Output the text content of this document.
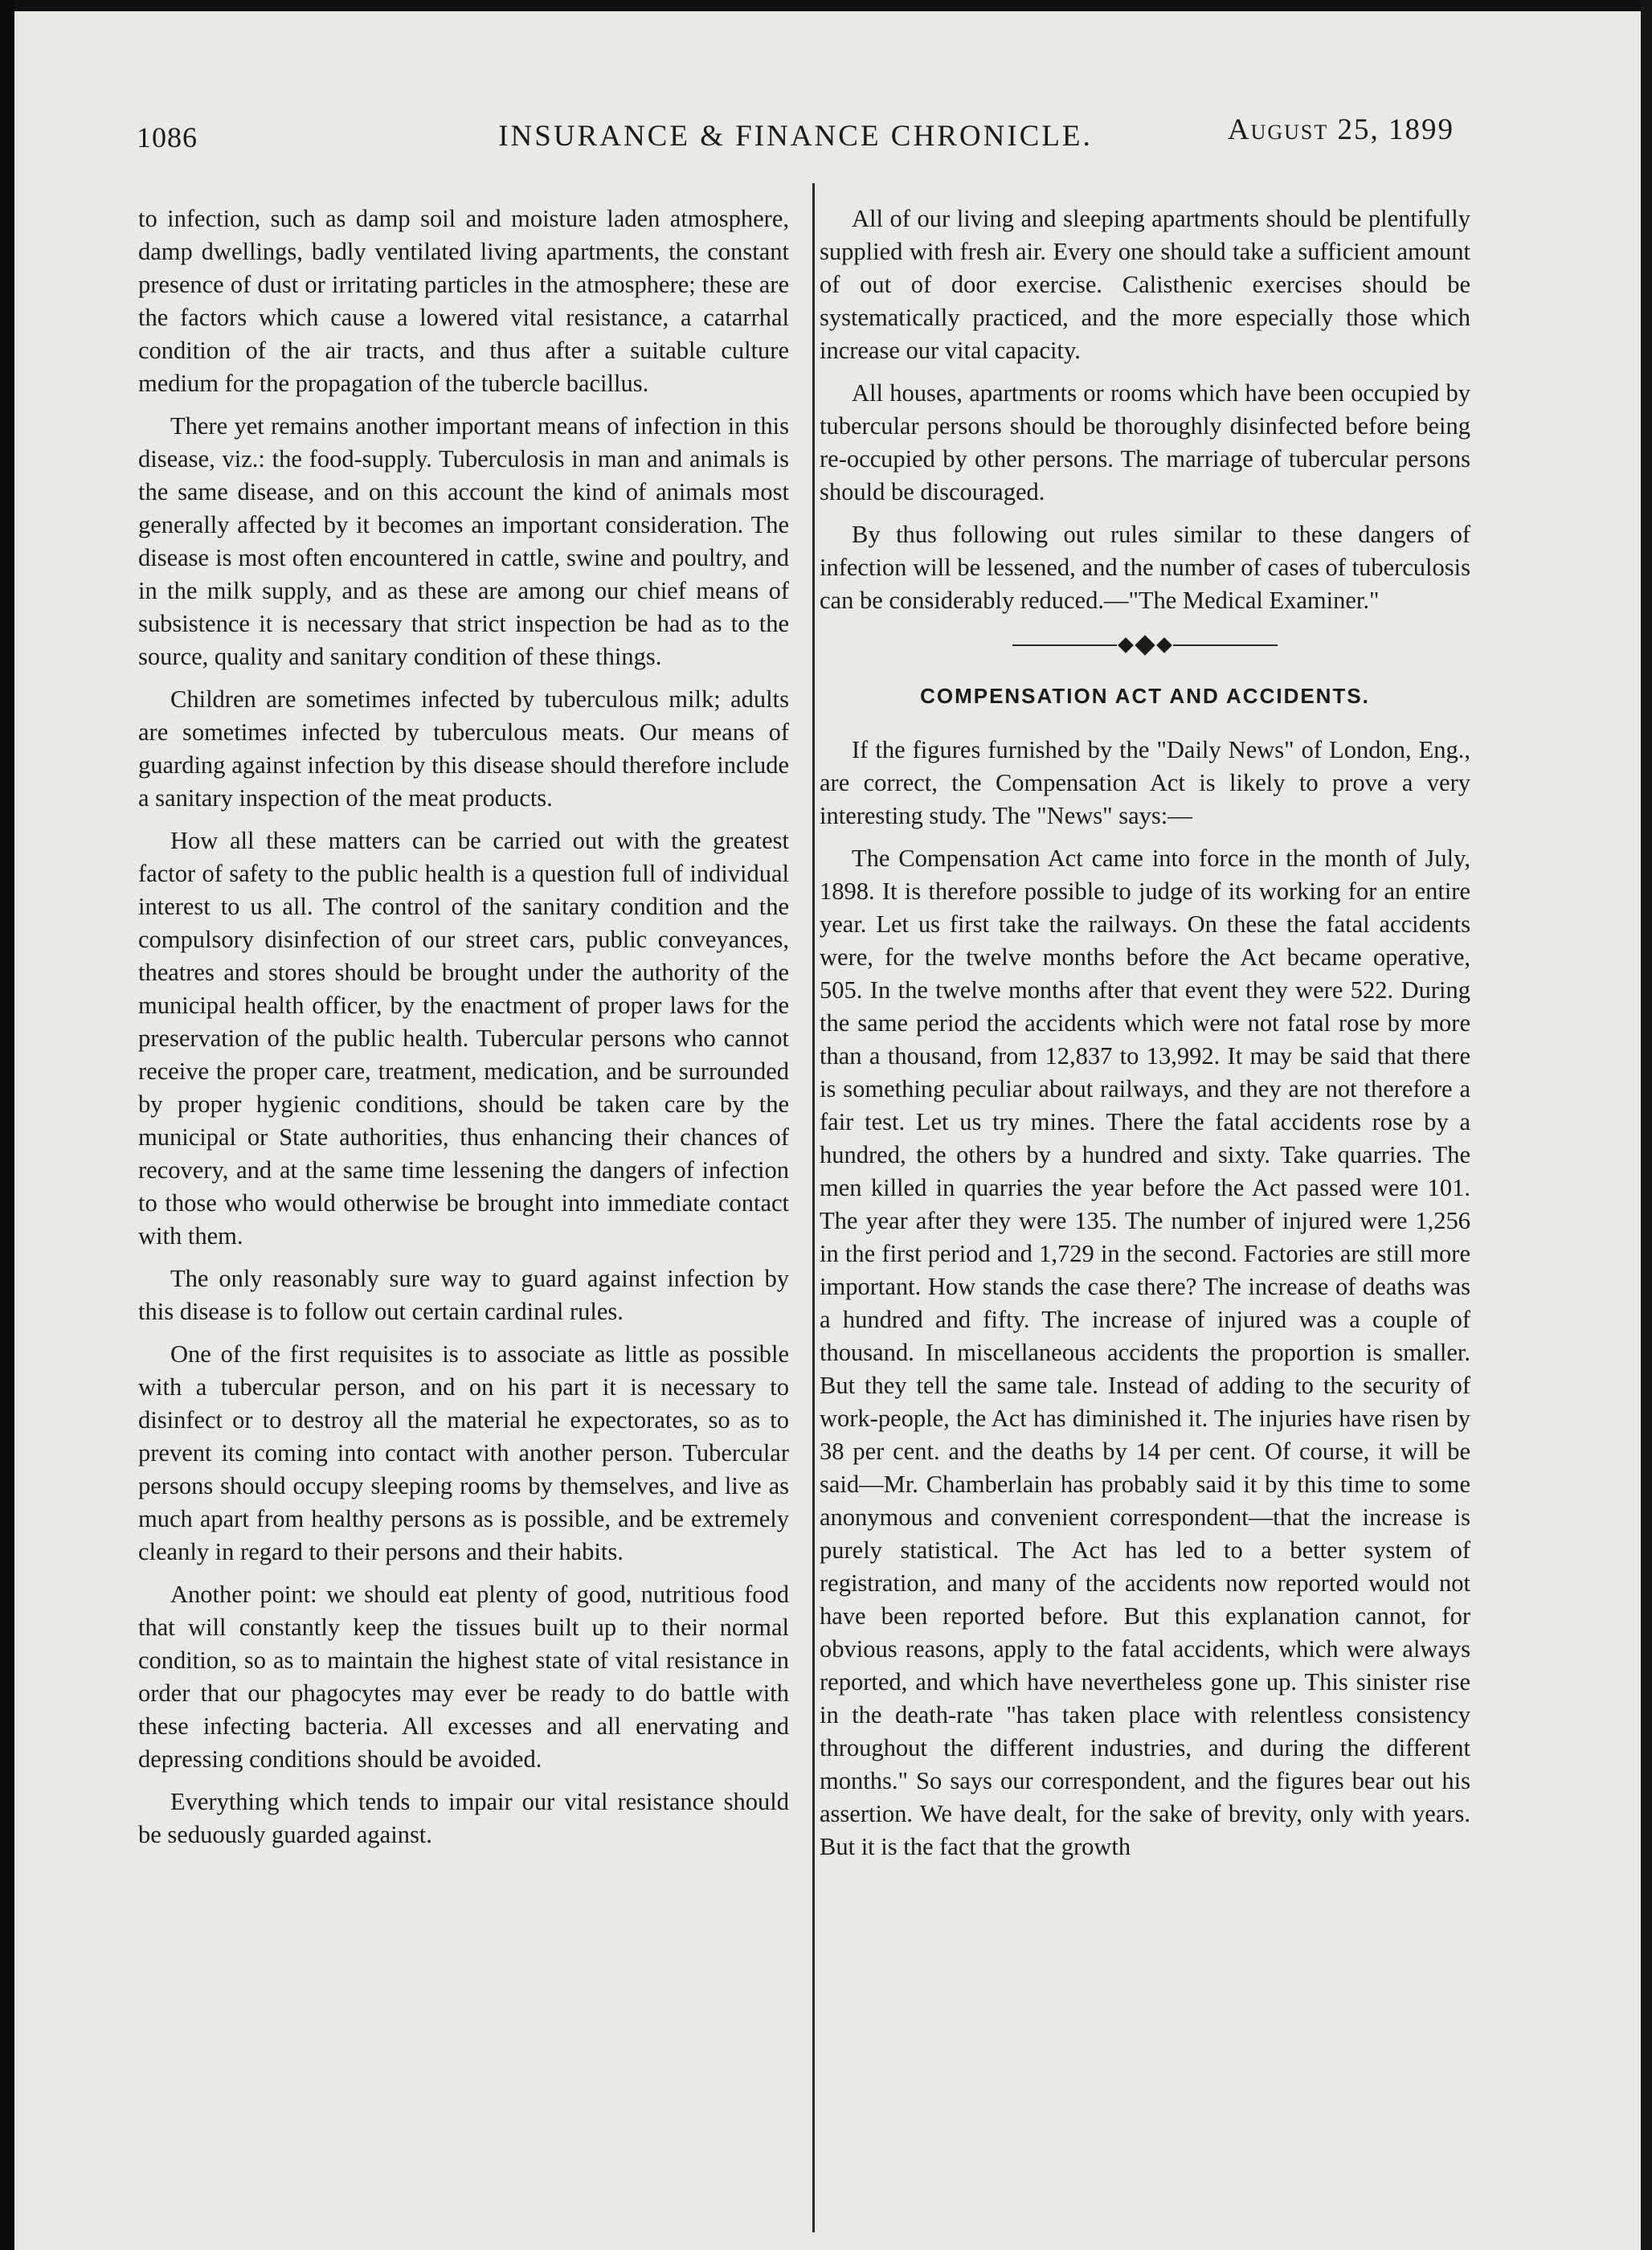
1086	INSURANCE & FINANCE CHRONICLE.	August 25, 1899

to infection, such as damp soil and moisture laden atmosphere, damp dwellings, badly ventilated living apartments, the constant presence of dust or irritating particles in the atmosphere; these are the factors which cause a lowered vital resistance, a catarrhal condition of the air tracts, and thus after a suitable culture medium for the propagation of the tubercle bacillus.

There yet remains another important means of infection in this disease, viz.: the food-supply. Tuberculosis in man and animals is the same disease, and on this account the kind of animals most generally affected by it becomes an important consideration. The disease is most often encountered in cattle, swine and poultry, and in the milk supply, and as these are among our chief means of subsistence it is necessary that strict inspection be had as to the source, quality and sanitary condition of these things.

Children are sometimes infected by tuberculous milk; adults are sometimes infected by tuberculous meats. Our means of guarding against infection by this disease should therefore include a sanitary inspection of the meat products.

How all these matters can be carried out with the greatest factor of safety to the public health is a question full of individual interest to us all. The control of the sanitary condition and the compulsory disinfection of our street cars, public conveyances, theatres and stores should be brought under the authority of the municipal health officer, by the enactment of proper laws for the preservation of the public health. Tubercular persons who cannot receive the proper care, treatment, medication, and be surrounded by proper hygienic conditions, should be taken care by the municipal or State authorities, thus enhancing their chances of recovery, and at the same time lessening the dangers of infection to those who would otherwise be brought into immediate contact with them.

The only reasonably sure way to guard against infection by this disease is to follow out certain cardinal rules.

One of the first requisites is to associate as little as possible with a tubercular person, and on his part it is necessary to disinfect or to destroy all the material he expectorates, so as to prevent its coming into contact with another person. Tubercular persons should occupy sleeping rooms by themselves, and live as much apart from healthy persons as is possible, and be extremely cleanly in regard to their persons and their habits.

Another point: we should eat plenty of good, nutritious food that will constantly keep the tissues built up to their normal condition, so as to maintain the highest state of vital resistance in order that our phagocytes may ever be ready to do battle with these infecting bacteria. All excesses and all enervating and depressing conditions should be avoided.

Everything which tends to impair our vital resistance should be seduously guarded against.

All of our living and sleeping apartments should be plentifully supplied with fresh air. Every one should take a sufficient amount of out of door exercise. Calisthenic exercises should be systematically practiced, and the more especially those which increase our vital capacity.

All houses, apartments or rooms which have been occupied by tubercular persons should be thoroughly disinfected before being re-occupied by other persons. The marriage of tubercular persons should be discouraged.

By thus following out rules similar to these dangers of infection will be lessened, and the number of cases of tuberculosis can be considerably reduced.—"The Medical Examiner."

COMPENSATION ACT AND ACCIDENTS.

If the figures furnished by the "Daily News" of London, Eng., are correct, the Compensation Act is likely to prove a very interesting study. The "News" says:—

The Compensation Act came into force in the month of July, 1898. It is therefore possible to judge of its working for an entire year. Let us first take the railways. On these the fatal accidents were, for the twelve months before the Act became operative, 505. In the twelve months after that event they were 522. During the same period the accidents which were not fatal rose by more than a thousand, from 12,837 to 13,992. It may be said that there is something peculiar about railways, and they are not therefore a fair test. Let us try mines. There the fatal accidents rose by a hundred, the others by a hundred and sixty. Take quarries. The men killed in quarries the year before the Act passed were 101. The year after they were 135. The number of injured were 1,256 in the first period and 1,729 in the second. Factories are still more important. How stands the case there? The increase of deaths was a hundred and fifty. The increase of injured was a couple of thousand. In miscellaneous accidents the proportion is smaller. But they tell the same tale. Instead of adding to the security of work-people, the Act has diminished it. The injuries have risen by 38 per cent. and the deaths by 14 per cent. Of course, it will be said—Mr. Chamberlain has probably said it by this time to some anonymous and convenient correspondent—that the increase is purely statistical. The Act has led to a better system of registration, and many of the accidents now reported would not have been reported before. But this explanation cannot, for obvious reasons, apply to the fatal accidents, which were always reported, and which have nevertheless gone up. This sinister rise in the death-rate "has taken place with relentless consistency throughout the different industries, and during the different months." So says our correspondent, and the figures bear out his assertion. We have dealt, for the sake of brevity, only with years. But it is the fact that the growth
